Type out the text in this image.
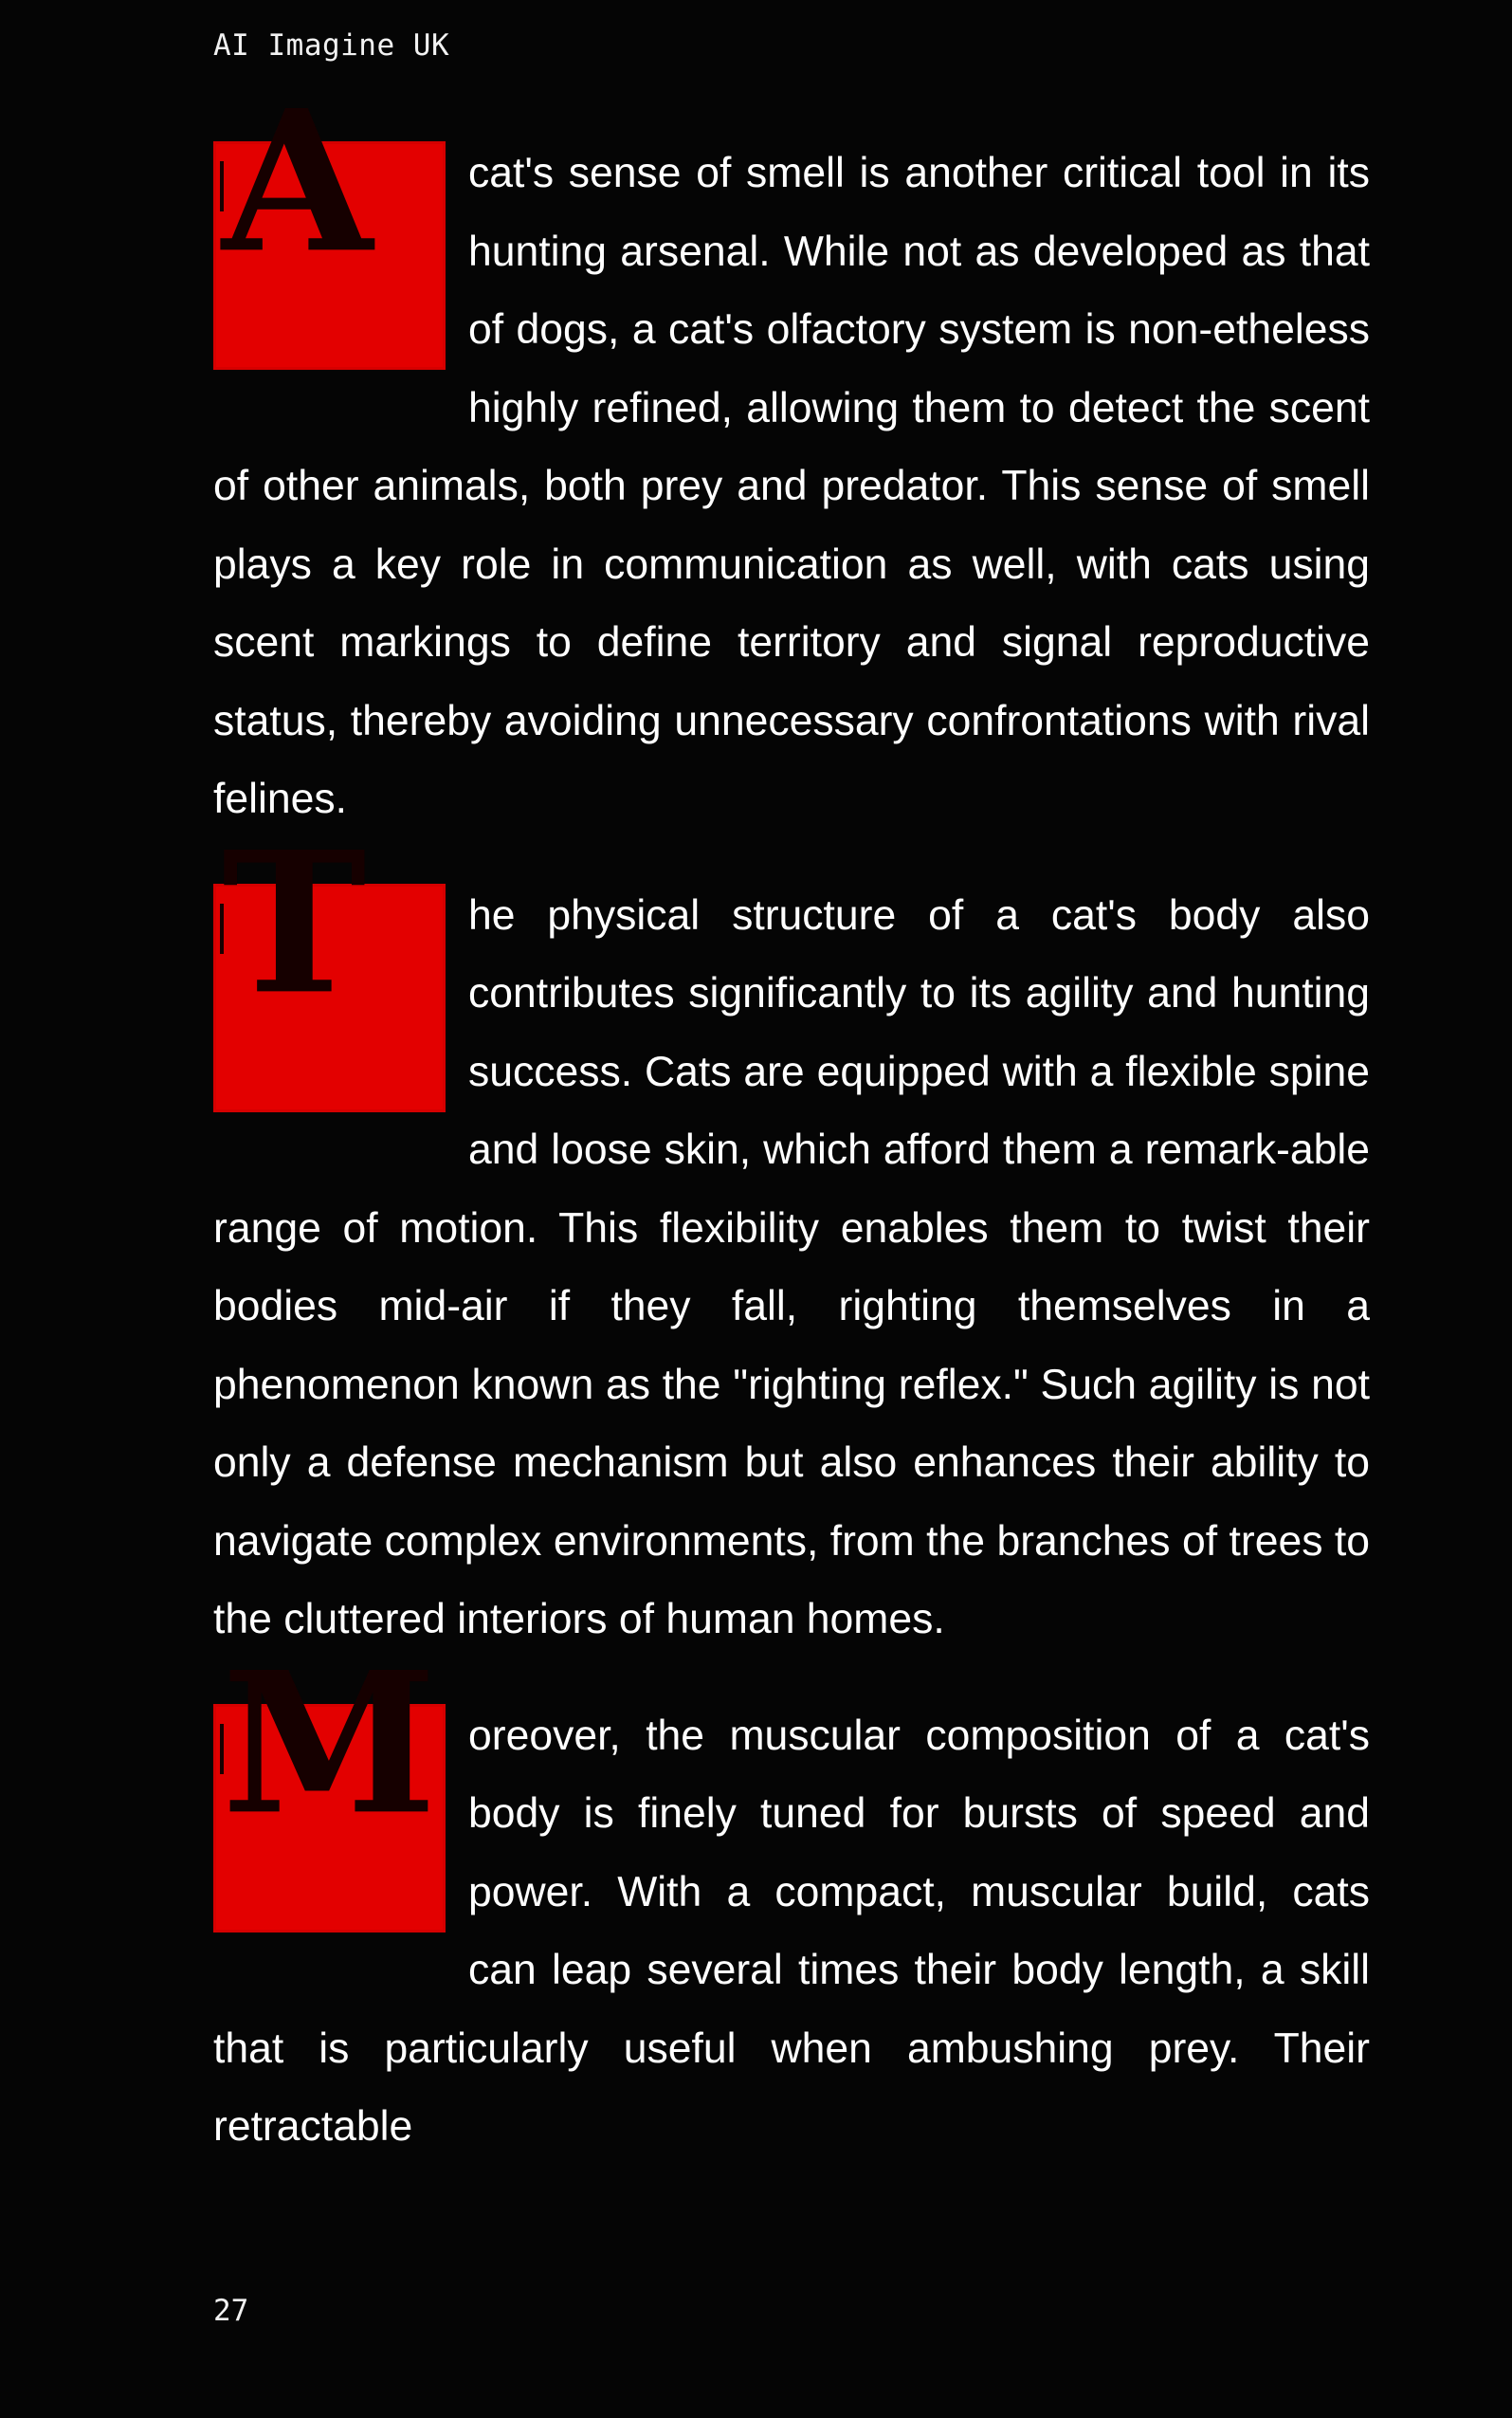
AI Imagine UK

A cat's sense of smell is another critical tool in its hunting arsenal. While not as developed as that of dogs, a cat's olfactory system is non-etheless highly refined, allowing them to detect the scent of other animals, both prey and predator. This sense of smell plays a key role in communication as well, with cats using scent markings to define territory and signal reproductive status, thereby avoiding unnecessary confrontations with rival felines.

T he physical structure of a cat's body also contributes significantly to its agility and hunting success. Cats are equipped with a flexible spine and loose skin, which afford them a remark-able range of motion. This flexibility enables them to twist their bodies mid-air if they fall, righting themselves in a phenomenon known as the "righting reflex." Such agility is not only a defense mechanism but also enhances their ability to navigate complex environments, from the branches of trees to the cluttered interiors of human homes.

M oreover, the muscular composition of a cat's body is finely tuned for bursts of speed and power. With a compact, muscular build, cats can leap several times their body length, a skill that is particularly useful when ambushing prey. Their retractable

27
